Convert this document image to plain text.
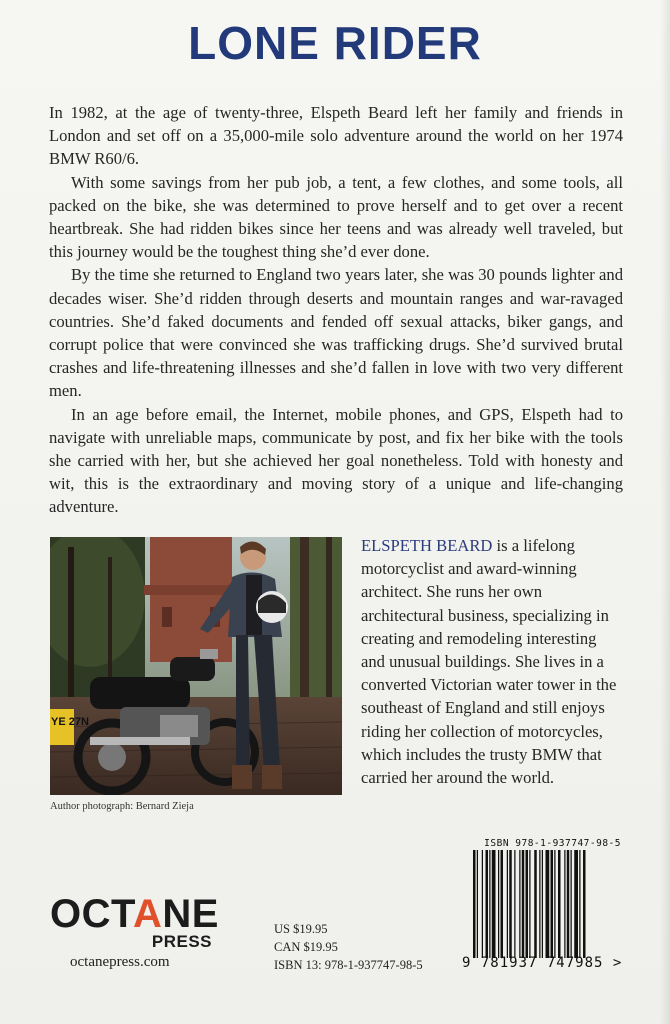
LONE RIDER

In 1982, at the age of twenty-three, Elspeth Beard left her family and friends in London and set off on a 35,000-mile solo adventure around the world on her 1974 BMW R60/6.

With some savings from her pub job, a tent, a few clothes, and some tools, all packed on the bike, she was determined to prove herself and to get over a recent heartbreak. She had ridden bikes since her teens and was already well traveled, but this journey would be the toughest thing she’d ever done.

By the time she returned to England two years later, she was 30 pounds lighter and decades wiser. She’d ridden through deserts and mountain ranges and war-ravaged countries. She’d faked documents and fended off sexual attacks, biker gangs, and corrupt police that were convinced she was trafficking drugs. She’d survived brutal crashes and life-threatening illnesses and she’d fallen in love with two very different men.

In an age before email, the Internet, mobile phones, and GPS, Elspeth had to navigate with unreliable maps, communicate by post, and fix her bike with the tools she carried with her, but she achieved her goal nonetheless. Told with honesty and wit, this is the extraordinary and moving story of a unique and life-changing adventure.

YE 27N
Author photograph: Bernard Zieja
ELSPETH BEARD is a lifelong motorcyclist and award-winning architect. She runs her own architectural business, specializing in creating and remodeling interesting and unusual buildings. She lives in a converted Victorian water tower in the southeast of England and still enjoys riding her collection of motorcycles, which includes the trusty BMW that carried her around the world.
OCTANE
PRESS
octanepress.com
US $19.95
CAN $19.95
ISBN 13: 978-1-937747-98-5
ISBN 978-1-937747-98-5
9 781937 747985 >
